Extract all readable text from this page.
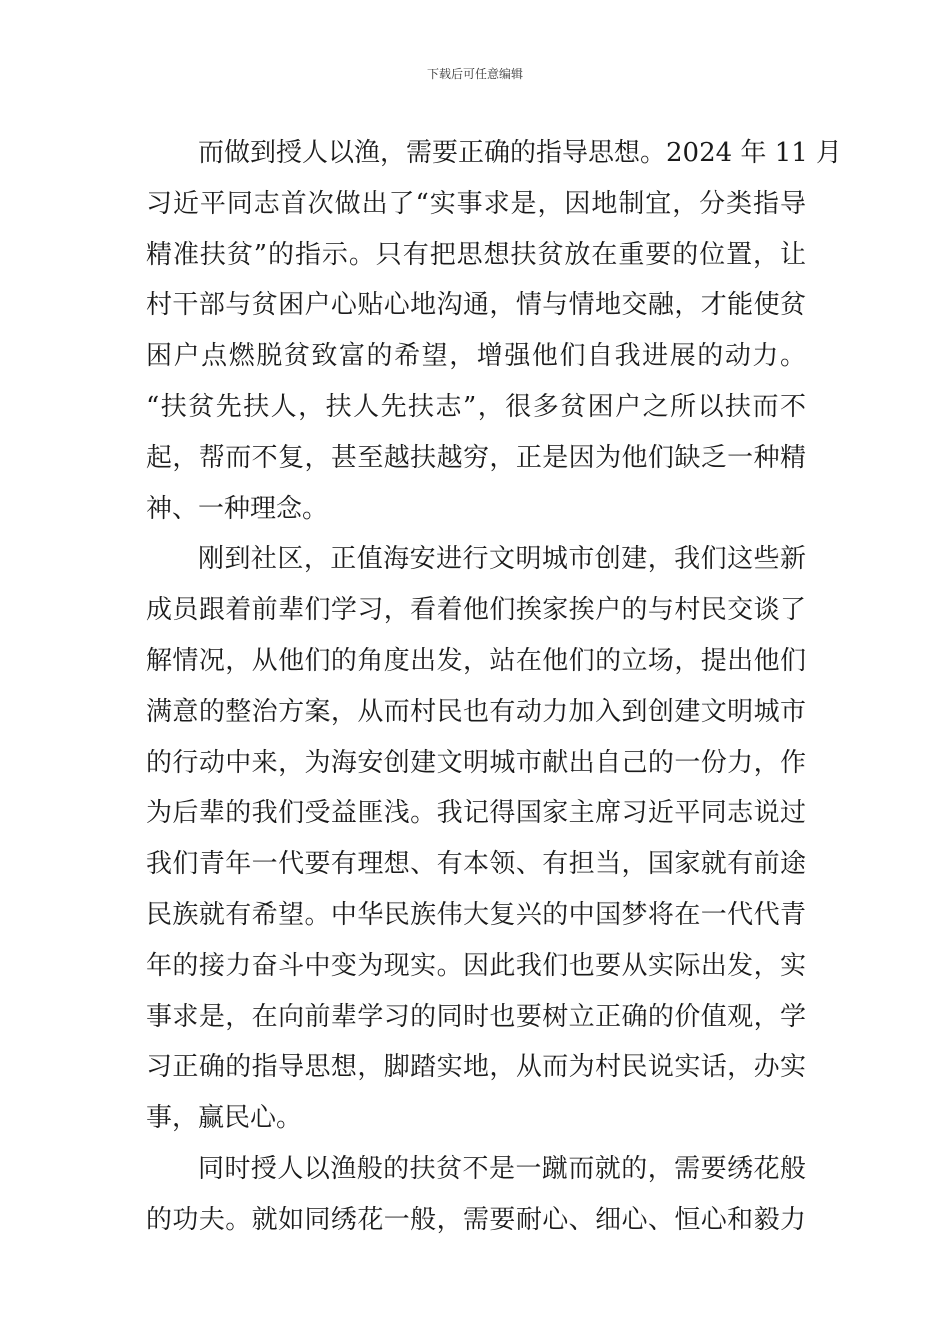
下载后可任意编辑
而做到授人以渔，需要正确的指导思想。2024 年 11 月
习近平同志首次做出了“实事求是，因地制宜，分类指导
精准扶贫”的指示。只有把思想扶贫放在重要的位置，让
村干部与贫困户心贴心地沟通，情与情地交融，才能使贫
困户点燃脱贫致富的希望，增强他们自我进展的动力。
“扶贫先扶人，扶人先扶志”，很多贫困户之所以扶而不
起，帮而不复，甚至越扶越穷，正是因为他们缺乏一种精
神、一种理念。
刚到社区，正值海安进行文明城市创建，我们这些新
成员跟着前辈们学习，看着他们挨家挨户的与村民交谈了
解情况，从他们的角度出发，站在他们的立场，提出他们
满意的整治方案，从而村民也有动力加入到创建文明城市
的行动中来，为海安创建文明城市献出自己的一份力，作
为后辈的我们受益匪浅。我记得国家主席习近平同志说过
我们青年一代要有理想、有本领、有担当，国家就有前途
民族就有希望。中华民族伟大复兴的中国梦将在一代代青
年的接力奋斗中变为现实。因此我们也要从实际出发，实
事求是，在向前辈学习的同时也要树立正确的价值观，学
习正确的指导思想，脚踏实地，从而为村民说实话，办实
事，赢民心。
同时授人以渔般的扶贫不是一蹴而就的，需要绣花般
的功夫。就如同绣花一般，需要耐心、细心、恒心和毅力
